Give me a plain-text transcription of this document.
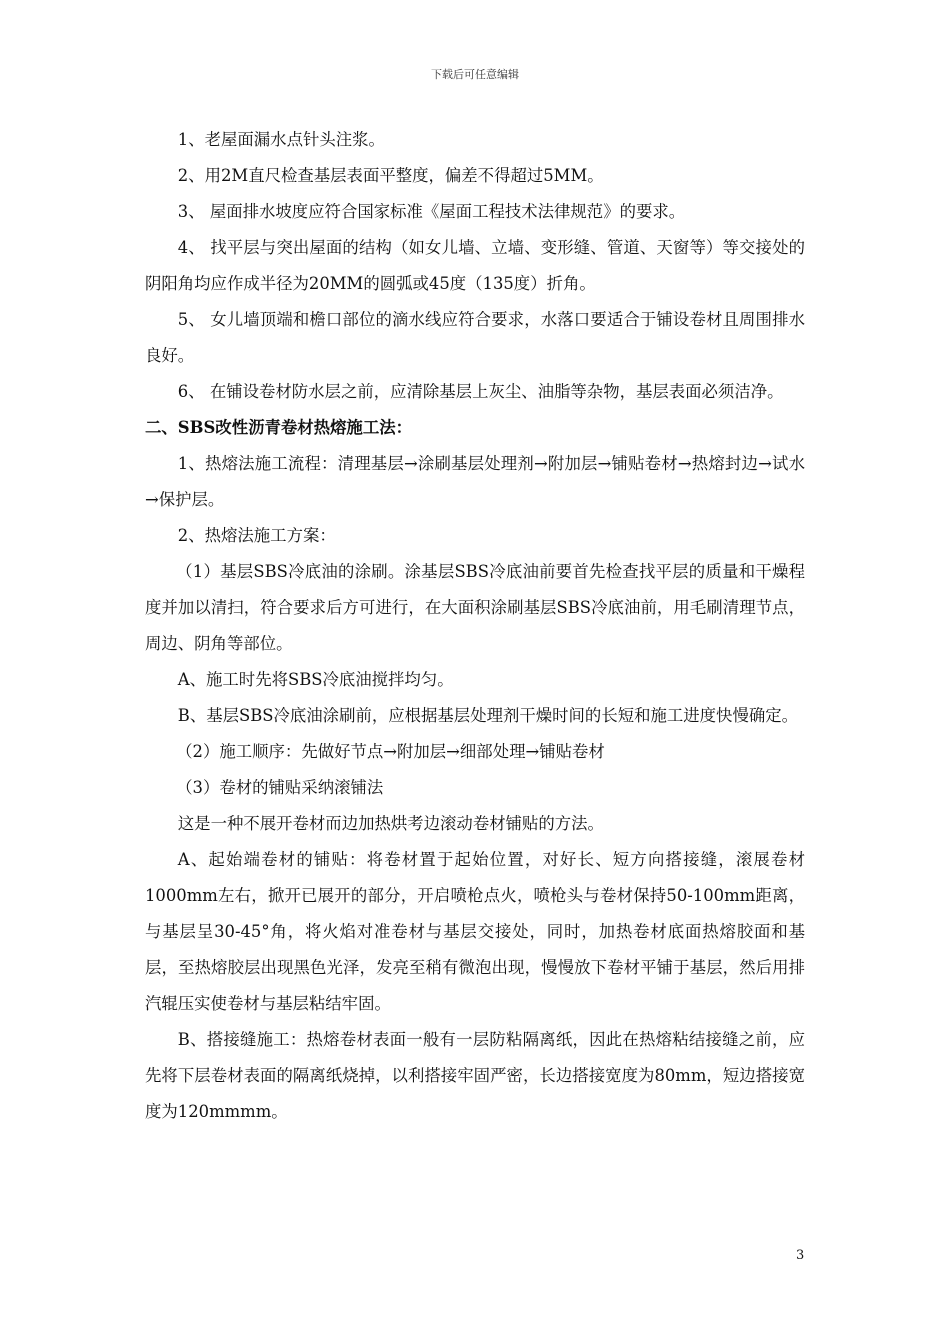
下载后可任意编辑

1、老屋面漏水点针头注浆。

2、用2M直尺检查基层表面平整度，偏差不得超过5MM。

3、 屋面排水坡度应符合国家标准《屋面工程技术法律规范》的要求。

4、 找平层与突出屋面的结构（如女儿墙、立墙、变形缝、管道、天窗等）等交接处的阴阳角均应作成半径为20MM的圆弧或45度（135度）折角。

5、 女儿墙顶端和檐口部位的滴水线应符合要求，水落口要适合于铺设卷材且周围排水良好。

6、 在铺设卷材防水层之前，应清除基层上灰尘、油脂等杂物，基层表面必须洁净。

二、SBS改性沥青卷材热熔施工法：

1、热熔法施工流程：清理基层→涂刷基层处理剂→附加层→铺贴卷材→热熔封边→试水→保护层。

2、热熔法施工方案：

（1）基层SBS冷底油的涂刷。涂基层SBS冷底油前要首先检查找平层的质量和干燥程度并加以清扫，符合要求后方可进行，在大面积涂刷基层SBS冷底油前，用毛刷清理节点，周边、阴角等部位。

A、施工时先将SBS冷底油搅拌均匀。

B、基层SBS冷底油涂刷前，应根据基层处理剂干燥时间的长短和施工进度快慢确定。

（2）施工顺序：先做好节点→附加层→细部处理→铺贴卷材

（3）卷材的铺贴采纳滚铺法

这是一种不展开卷材而边加热烘考边滚动卷材铺贴的方法。

A、起始端卷材的铺贴：将卷材置于起始位置，对好长、短方向搭接缝，滚展卷材1000mm左右，掀开已展开的部分，开启喷枪点火，喷枪头与卷材保持50-100mm距离，与基层呈30-45°角，将火焰对准卷材与基层交接处，同时，加热卷材底面热熔胶面和基层，至热熔胶层出现黑色光泽，发亮至稍有微泡出现，慢慢放下卷材平铺于基层，然后用排汽辊压实使卷材与基层粘结牢固。

B、搭接缝施工：热熔卷材表面一般有一层防粘隔离纸，因此在热熔粘结接缝之前，应先将下层卷材表面的隔离纸烧掉，以利搭接牢固严密，长边搭接宽度为80mm，短边搭接宽度为120mmmm。

3
